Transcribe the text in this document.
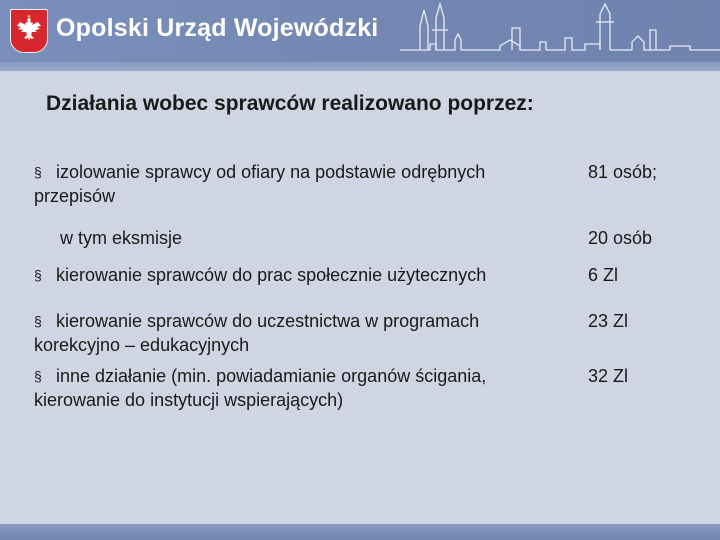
Opolski Urząd Wojewódzki
Działania wobec sprawców realizowano poprzez:
§ izolowanie sprawcy od ofiary na podstawie odrębnych przepisów
81 osób;
w tym eksmisje	20 osób
§ kierowanie sprawców do prac społecznie użytecznych	6 Zl
§ kierowanie sprawców do uczestnictwa w programach korekcyjno – edukacyjnych
23 Zl
§ inne działanie (min. powiadamianie organów ścigania, kierowanie do instytucji wspierających)
32 Zl
